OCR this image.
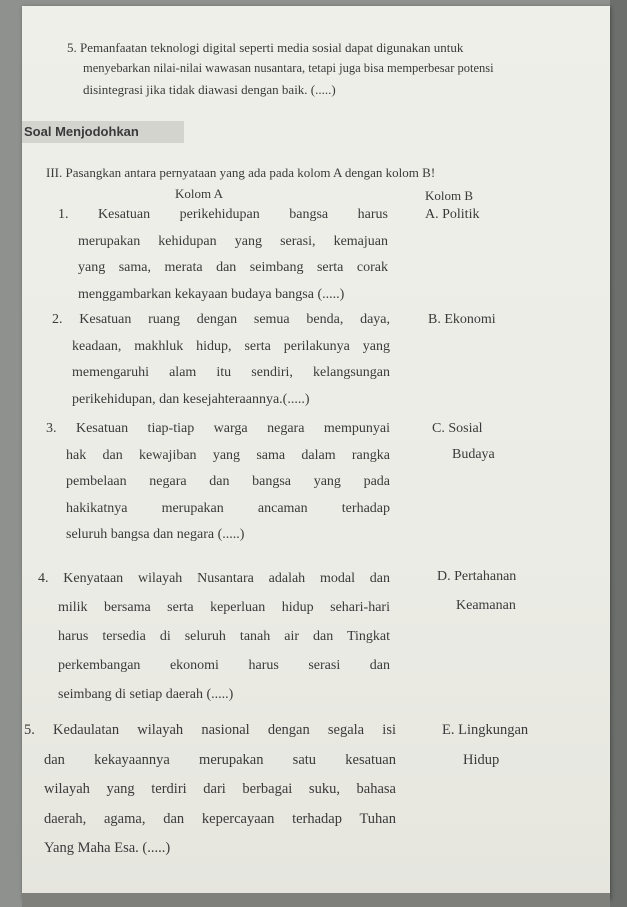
5. Pemanfaatan teknologi digital seperti media sosial dapat digunakan untuk
menyebarkan nilai-nilai wawasan nusantara, tetapi juga bisa memperbesar potensi
disintegrasi jika tidak diawasi dengan baik. (.....)
Soal Menjodohkan
III. Pasangkan antara pernyataan yang ada pada kolom A dengan kolom B!
Kolom A	Kolom B
1. Kesatuan perikehidupan bangsa harus
merupakan kehidupan yang serasi, kemajuan
yang sama, merata dan seimbang serta corak
menggambarkan kekayaan budaya bangsa (.....)
2. Kesatuan ruang dengan semua benda, daya,
keadaan, makhluk hidup, serta perilakunya yang
memengaruhi alam itu sendiri, kelangsungan
perikehidupan, dan kesejahteraannya.(.....)
3. Kesatuan tiap-tiap warga negara mempunyai
hak dan kewajiban yang sama dalam rangka
pembelaan negara dan bangsa yang pada
hakikatnya merupakan ancaman terhadap
seluruh bangsa dan negara (.....)
4. Kenyataan wilayah Nusantara adalah modal dan
milik bersama serta keperluan hidup sehari-hari
harus tersedia di seluruh tanah air dan Tingkat
perkembangan ekonomi harus serasi dan
seimbang di setiap daerah (.....)
5. Kedaulatan wilayah nasional dengan segala isi
dan kekayaannya merupakan satu kesatuan
wilayah yang terdiri dari berbagai suku, bahasa
daerah, agama, dan kepercayaan terhadap Tuhan
Yang Maha Esa. (.....)
A. Politik
B. Ekonomi
C. Sosial
Budaya
D. Pertahanan
Keamanan
E. Lingkungan
Hidup
